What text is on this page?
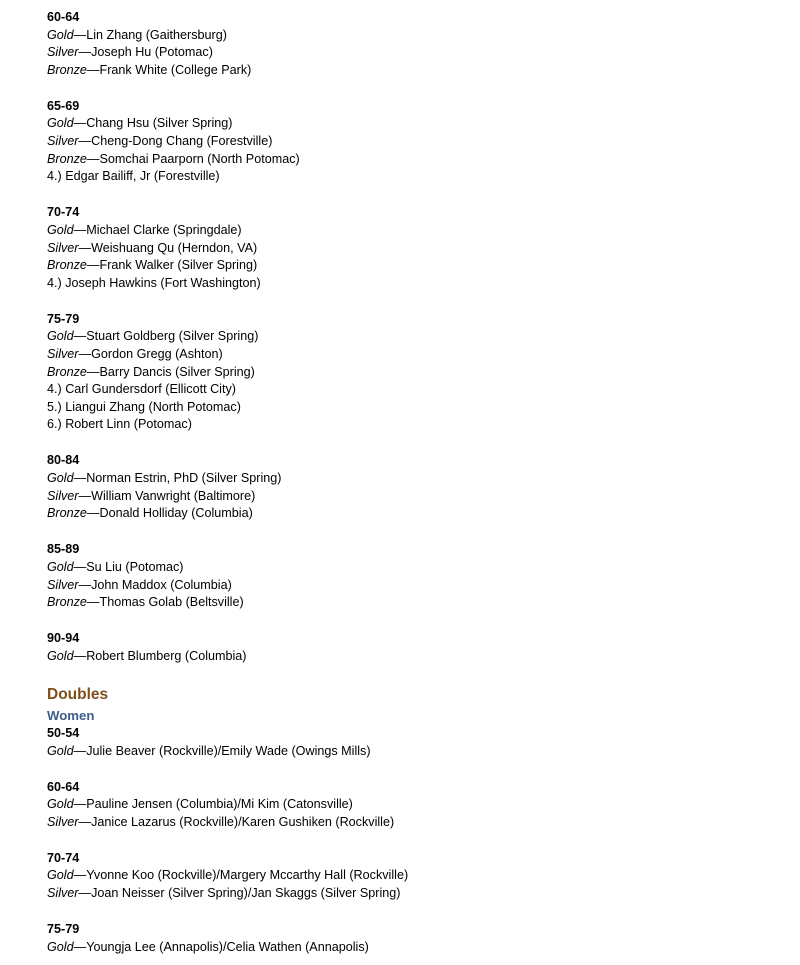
60-64
Gold—Lin Zhang (Gaithersburg)
Silver—Joseph Hu (Potomac)
Bronze—Frank White (College Park)
65-69
Gold—Chang Hsu (Silver Spring)
Silver—Cheng-Dong Chang (Forestville)
Bronze—Somchai Paarporn (North Potomac)
4.) Edgar Bailiff, Jr (Forestville)
70-74
Gold—Michael Clarke (Springdale)
Silver—Weishuang Qu (Herndon, VA)
Bronze—Frank Walker (Silver Spring)
4.) Joseph Hawkins (Fort Washington)
75-79
Gold—Stuart Goldberg (Silver Spring)
Silver—Gordon Gregg (Ashton)
Bronze—Barry Dancis (Silver Spring)
4.) Carl Gundersdorf (Ellicott City)
5.) Liangui Zhang (North Potomac)
6.) Robert Linn (Potomac)
80-84
Gold—Norman Estrin, PhD (Silver Spring)
Silver—William Vanwright (Baltimore)
Bronze—Donald Holliday (Columbia)
85-89
Gold—Su Liu (Potomac)
Silver—John Maddox (Columbia)
Bronze—Thomas Golab (Beltsville)
90-94
Gold—Robert Blumberg (Columbia)
Doubles
Women
50-54
Gold—Julie Beaver (Rockville)/Emily Wade (Owings Mills)
60-64
Gold—Pauline Jensen (Columbia)/Mi Kim (Catonsville)
Silver—Janice Lazarus (Rockville)/Karen Gushiken (Rockville)
70-74
Gold—Yvonne Koo (Rockville)/Margery Mccarthy Hall (Rockville)
Silver—Joan Neisser (Silver Spring)/Jan Skaggs (Silver Spring)
75-79
Gold—Youngja Lee (Annapolis)/Celia Wathen (Annapolis)
